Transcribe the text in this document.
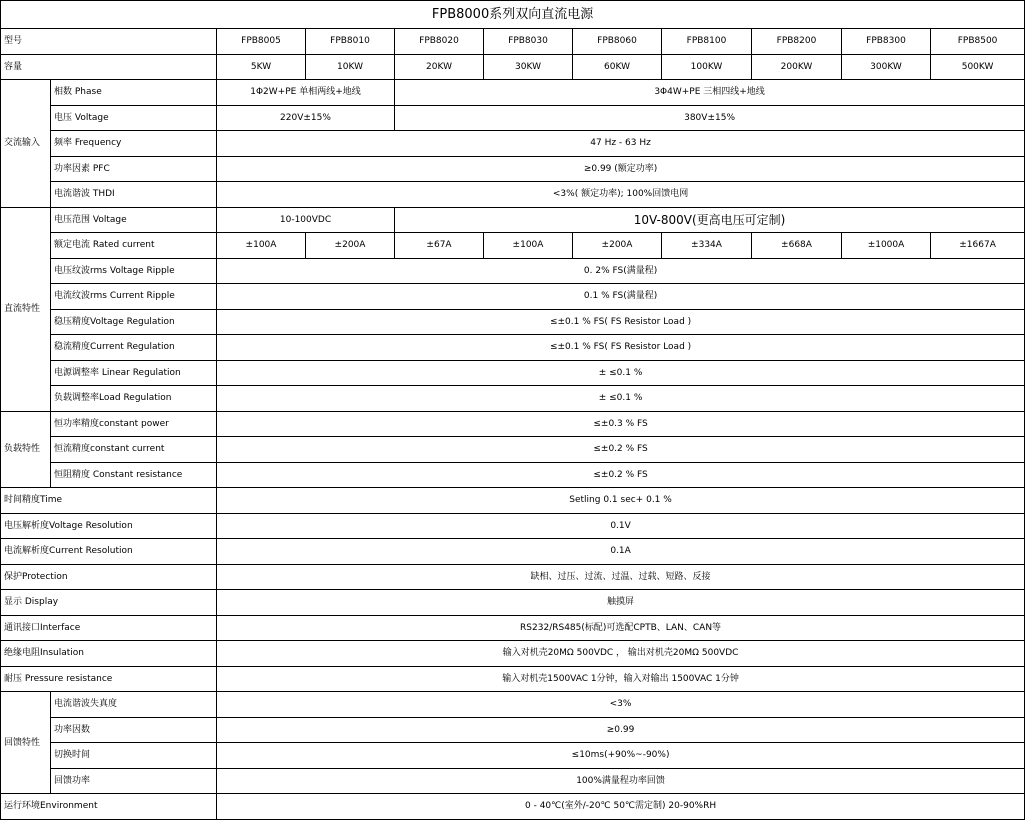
FPB8000系列双向直流电源										
型号		FPB8005	FPB8010	FPB8020	FPB8030	FPB8060	FPB8100	FPB8200	FPB8300	FPB8500
容量		5KW	10KW	20KW	30KW	60KW	100KW	200KW	300KW	500KW
交流输入	相数 Phase	1Φ2W+PE 单相两线+地线		3Φ4W+PE 三相四线+地线						
	电压 Voltage	220V±15%		380V±15%						
	频率 Frequency	47 Hz - 63 Hz								
	功率因素 PFC	≥0.99 (额定功率)								
	电流谐波 THDI	<3%( 额定功率); 100%回馈电网								
直流特性	电压范围 Voltage	10-100VDC		10V-800V(更高电压可定制)						
	额定电流 Rated current	±100A	±200A	±67A	±100A	±200A	±334A	±668A	±1000A	±1667A
	电压纹波rms Voltage Ripple	0. 2% FS(满量程)								
	电流纹波rms Current Ripple	0.1 % FS(满量程)								
	稳压精度Voltage Regulation	≤±0.1 % FS( FS Resistor Load )								
	稳流精度Current Regulation	≤±0.1 % FS( FS Resistor Load )								
	电源调整率 Linear Regulation	± ≤0.1 %								
	负载调整率Load Regulation	± ≤0.1 %								
负载特性	恒功率精度constant power	≤±0.3 % FS								
	恒流精度constant current	≤±0.2 % FS								
	恒阻精度 Constant resistance	≤±0.2 % FS								
时间精度Time		Setling 0.1 sec+ 0.1 %								
电压解析度Voltage Resolution		0.1V								
电流解析度Current Resolution		0.1A								
保护Protection		缺相、过压、过流、过温、过载、短路、反接								
显示 Display		触摸屏								
通讯接口Interface		RS232/RS485(标配)可选配CPTB、LAN、CAN等								
绝缘电阻Insulation		输入对机壳20MΩ 500VDC ， 输出对机壳20MΩ 500VDC								
耐压 Pressure resistance		输入对机壳1500VAC 1分钟，输入对输出 1500VAC 1分钟								
回馈特性	电流谐波失真度	<3%								
	功率因数	≥0.99								
	切换时间	≤10ms(+90%~-90%)								
	回馈功率	100%满量程功率回馈								
运行环境Environment		0 - 40℃(室外/-20℃ 50℃需定制) 20-90%RH								
